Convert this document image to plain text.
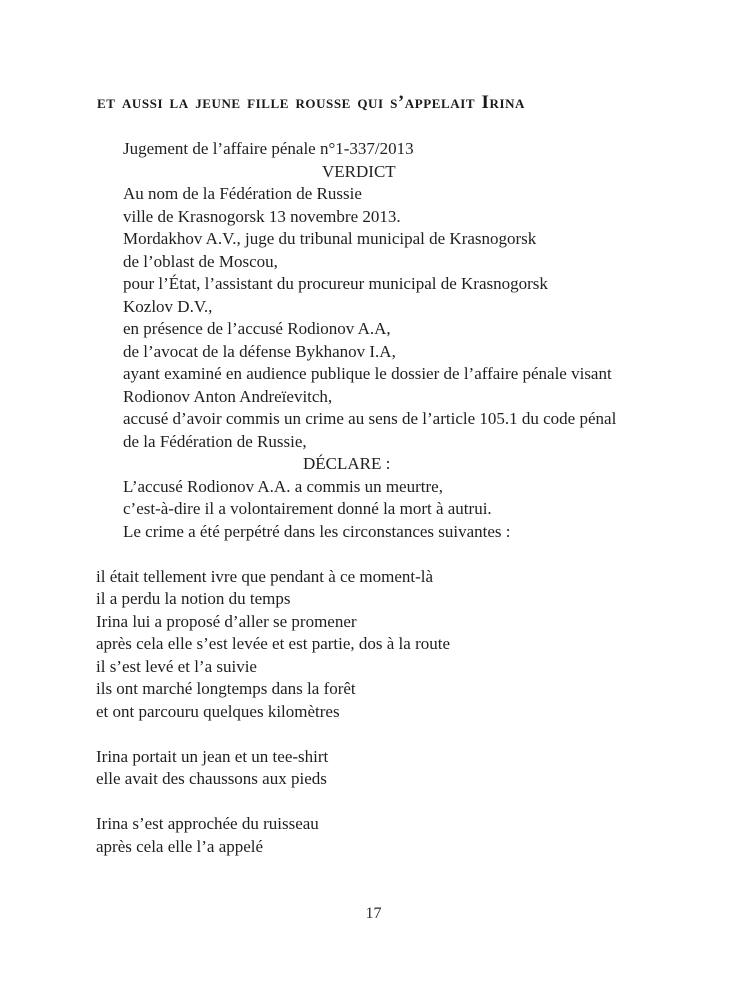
et aussi la jeune fille rousse qui s’appelait Irina
Jugement de l’affaire pénale n°1-337/2013
VERDICT
Au nom de la Fédération de Russie
ville de Krasnogorsk 13 novembre 2013.
Mordakhov A.V., juge du tribunal municipal de Krasnogorsk
de l’oblast de Moscou,
pour l’État, l’assistant du procureur municipal de Krasnogorsk
Kozlov D.V.,
en présence de l’accusé Rodionov A.A,
de l’avocat de la défense Bykhanov I.A,
ayant examiné en audience publique le dossier de l’affaire pénale visant
Rodionov Anton Andreïevitch,
accusé d’avoir commis un crime au sens de l’article 105.1 du code pénal
de la Fédération de Russie,
DÉCLARE :
L’accusé Rodionov A.A. a commis un meurtre,
c’est-à-dire il a volontairement donné la mort à autrui.
Le crime a été perpétré dans les circonstances suivantes :
il était tellement ivre que pendant à ce moment-là
il a perdu la notion du temps
Irina lui a proposé d’aller se promener
après cela elle s’est levée et est partie, dos à la route
il s’est levé et l’a suivie
ils ont marché longtemps dans la forêt
et ont parcouru quelques kilomètres
Irina portait un jean et un tee-shirt
elle avait des chaussons aux pieds
Irina s’est approchée du ruisseau
après cela elle l’a appelé
17
